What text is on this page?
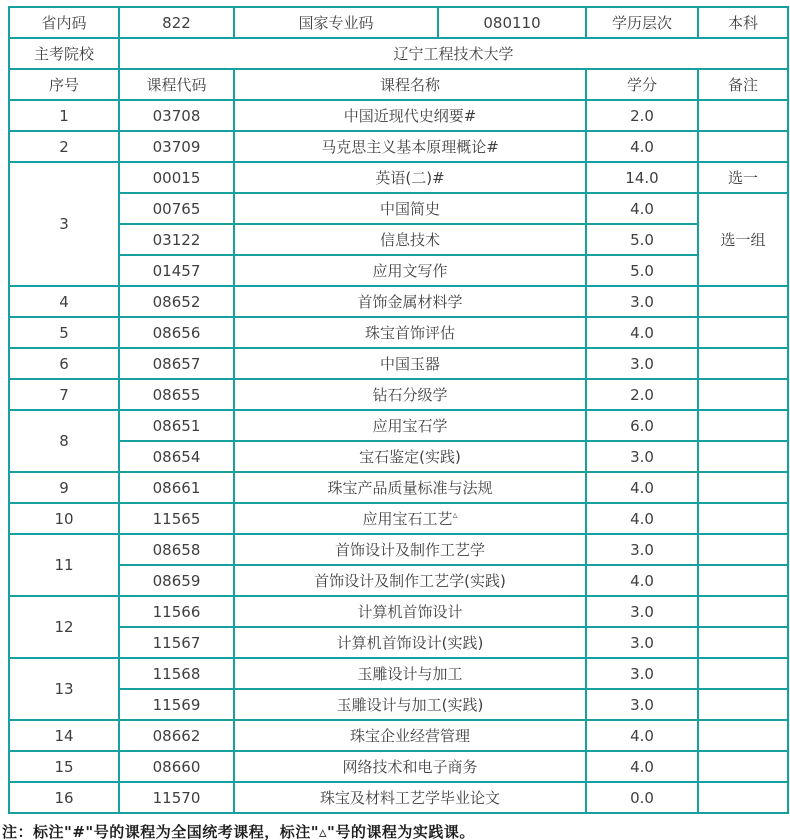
省内码	822	国家专业码	080110	学历层次	本科
主考院校	辽宁工程技术大学				
序号	课程代码	课程名称		学分	备注
1	03708	中国近现代史纲要#		2.0	
2	03709	马克思主义基本原理概论#		4.0	
3	00015	英语(二)#		14.0	选一
	00765	中国简史		4.0	选一组
	03122	信息技术		5.0	
	01457	应用文写作		5.0	
4	08652	首饰金属材料学		3.0	
5	08656	珠宝首饰评估		4.0	
6	08657	中国玉器		3.0	
7	08655	钻石分级学		2.0	
8	08651	应用宝石学		6.0	
	08654	宝石鉴定(实践)		3.0	
9	08661	珠宝产品质量标准与法规		4.0	
10	11565	应用宝石工艺▵		4.0	
11	08658	首饰设计及制作工艺学		3.0	
	08659	首饰设计及制作工艺学(实践)		4.0	
12	11566	计算机首饰设计		3.0	
	11567	计算机首饰设计(实践)		3.0	
13	11568	玉雕设计与加工		3.0	
	11569	玉雕设计与加工(实践)		3.0	
14	08662	珠宝企业经营管理		4.0	
15	08660	网络技术和电子商务		4.0	
16	11570	珠宝及材料工艺学毕业论文		0.0	
注：标注"#"号的课程为全国统考课程，标注"▵"号的课程为实践课。
